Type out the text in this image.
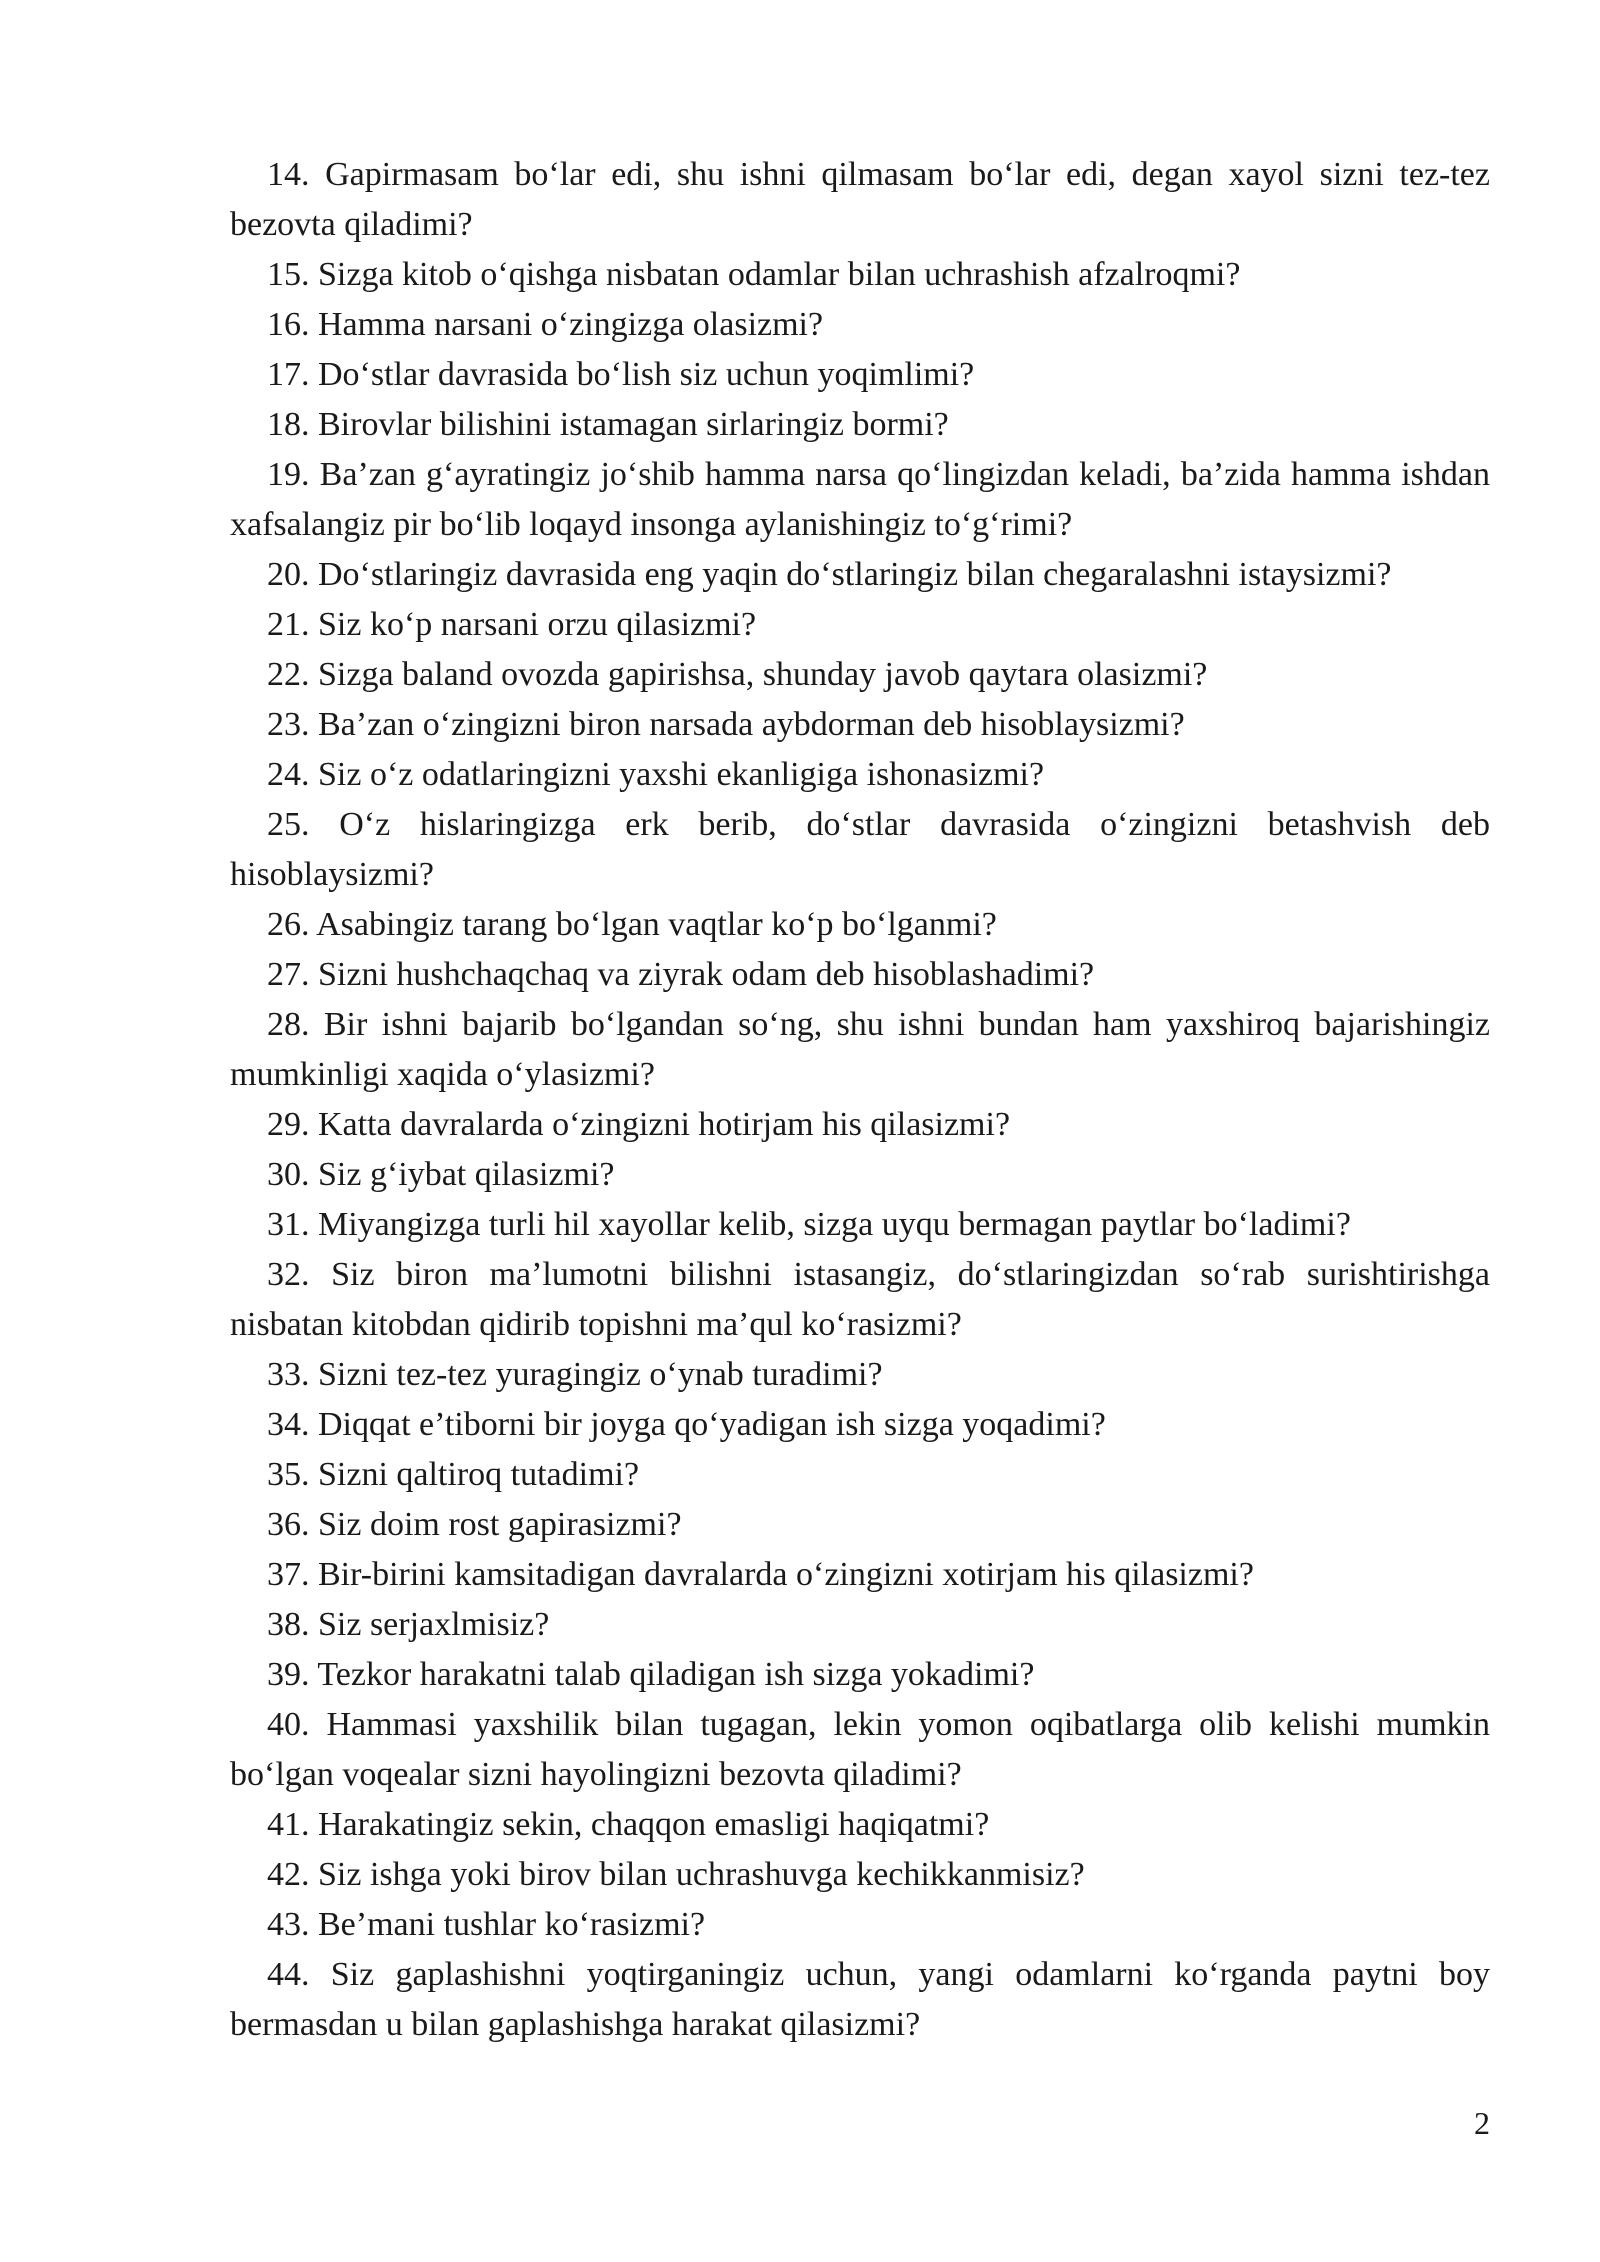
14. Gapirmasam bo‘lar edi, shu ishni qilmasam bo‘lar edi, degan xayol sizni tez-tez bezovta qiladimi?

15. Sizga kitob o‘qishga nisbatan odamlar bilan uchrashish afzalroqmi?

16. Hamma narsani o‘zingizga olasizmi?

17. Do‘stlar davrasida bo‘lish siz uchun yoqimlimi?

18. Birovlar bilishini istamagan sirlaringiz bormi?

19. Ba’zan g‘ayratingiz jo‘shib hamma narsa qo‘lingizdan keladi, ba’zida hamma ishdan xafsalangiz pir bo‘lib loqayd insonga aylanishingiz to‘g‘rimi?

20. Do‘stlaringiz davrasida eng yaqin do‘stlaringiz bilan chegaralashni istaysizmi?

21. Siz ko‘p narsani orzu qilasizmi?

22. Sizga baland ovozda gapirishsa, shunday javob qaytara olasizmi?

23. Ba’zan o‘zingizni biron narsada aybdorman deb hisoblaysizmi?

24. Siz o‘z odatlaringizni yaxshi ekanligiga ishonasizmi?

25. O‘z hislaringizga erk berib, do‘stlar davrasida o‘zingizni betashvish deb hisoblaysizmi?

26. Asabingiz tarang bo‘lgan vaqtlar ko‘p bo‘lganmi?

27. Sizni hushchaqchaq va ziyrak odam deb hisoblashadimi?

28. Bir ishni bajarib bo‘lgandan so‘ng, shu ishni bundan ham yaxshiroq bajarishingiz mumkinligi xaqida o‘ylasizmi?

29. Katta davralarda o‘zingizni hotirjam his qilasizmi?

30. Siz g‘iybat qilasizmi?

31. Miyangizga turli hil xayollar kelib, sizga uyqu bermagan paytlar bo‘ladimi?

32. Siz biron ma’lumotni bilishni istasangiz, do‘stlaringizdan so‘rab surishtirishga nisbatan kitobdan qidirib topishni ma’qul ko‘rasizmi?

33. Sizni tez-tez yuragingiz o‘ynab turadimi?

34. Diqqat e’tiborni bir joyga qo‘yadigan ish sizga yoqadimi?

35. Sizni qaltiroq tutadimi?

36. Siz doim rost gapirasizmi?

37. Bir-birini kamsitadigan davralarda o‘zingizni xotirjam his qilasizmi?

38. Siz serjaxlmisiz?

39. Tezkor harakatni talab qiladigan ish sizga yokadimi?

40. Hammasi yaxshilik bilan tugagan, lekin yomon oqibatlarga olib kelishi mumkin bo‘lgan voqealar sizni hayolingizni bezovta qiladimi?

41. Harakatingiz sekin, chaqqon emasligi haqiqatmi?

42. Siz ishga yoki birov bilan uchrashuvga kechikkanmisiz?

43. Be’mani tushlar ko‘rasizmi?

44. Siz gaplashishni yoqtirganingiz uchun, yangi odamlarni ko‘rganda paytni boy bermasdan u bilan gaplashishga harakat qilasizmi?

2
